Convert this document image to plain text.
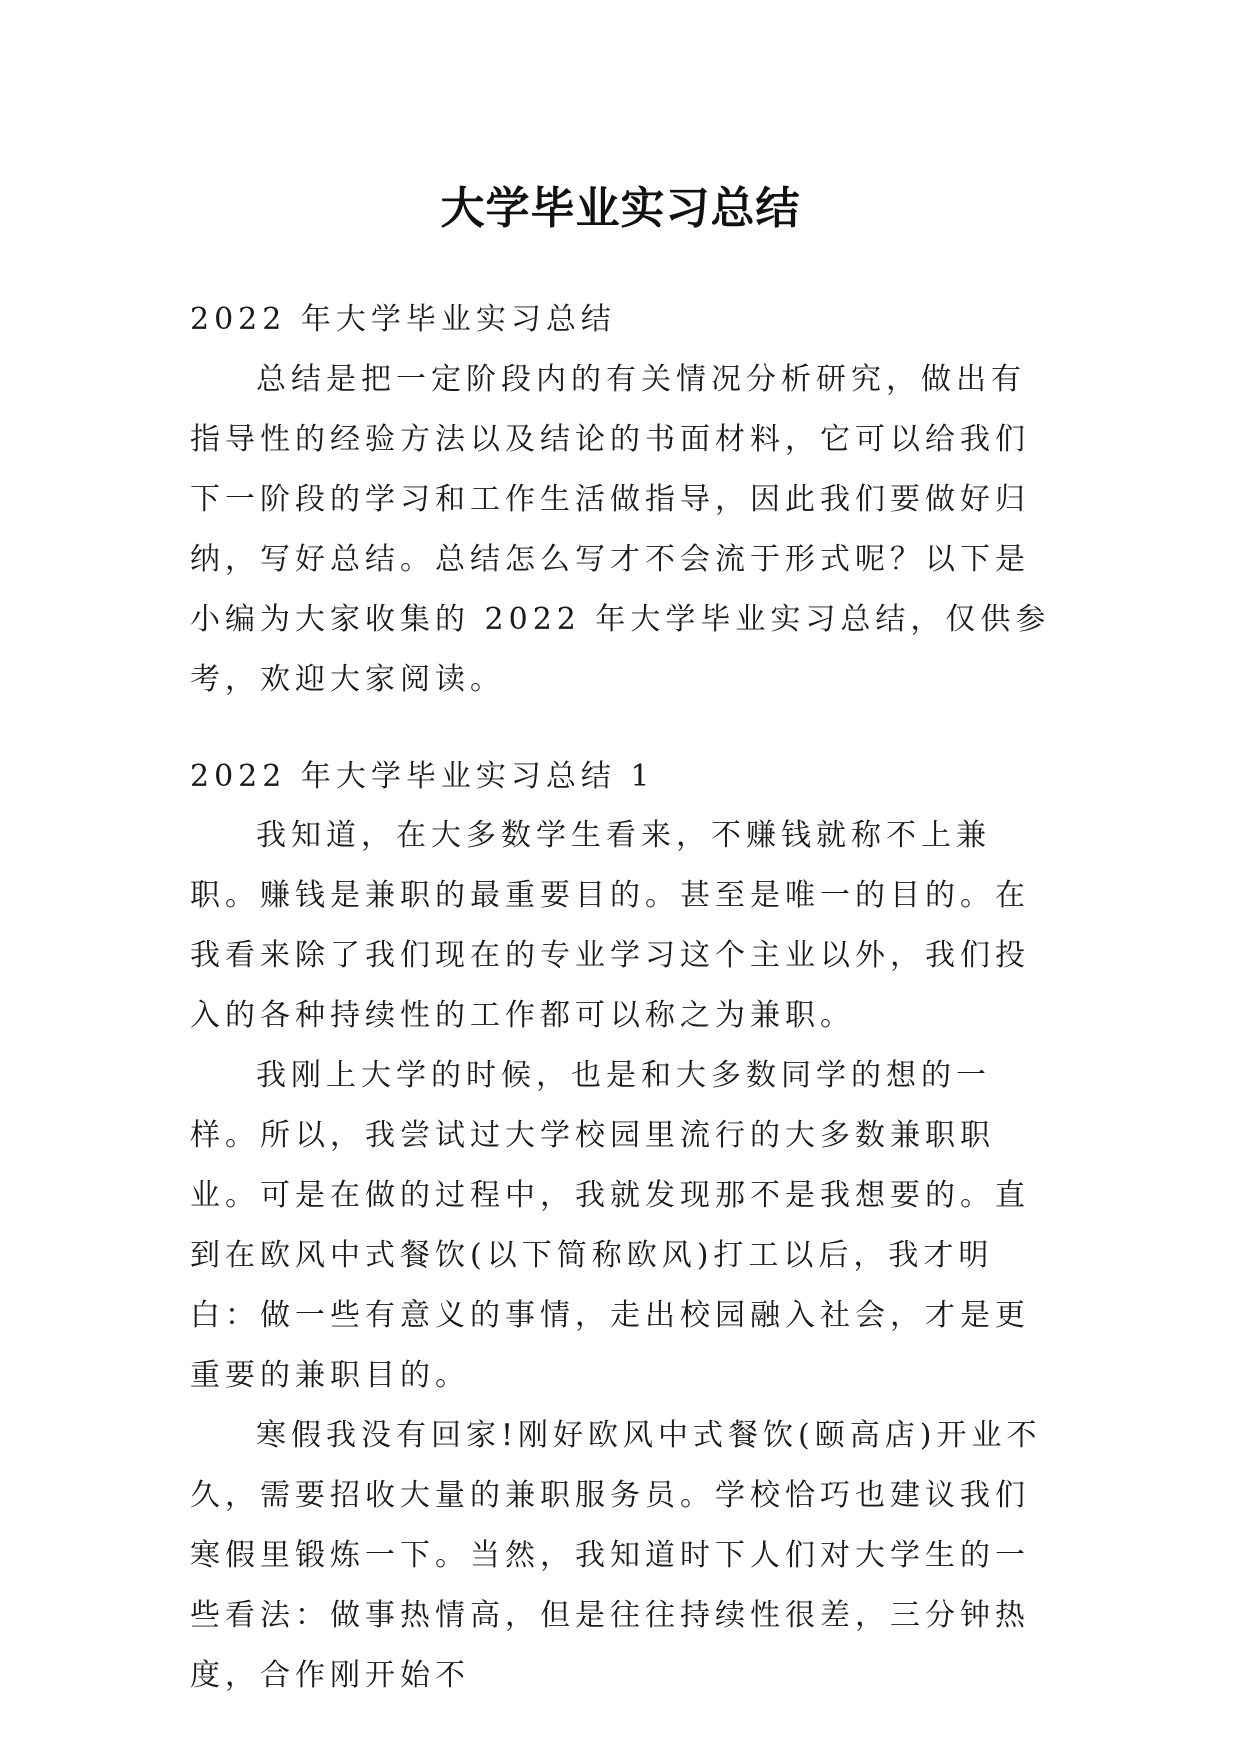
大学毕业实习总结
2022 年大学毕业实习总结

总结是把一定阶段内的有关情况分析研究，做出有指导性的经验方法以及结论的书面材料，它可以给我们下一阶段的学习和工作生活做指导，因此我们要做好归纳，写好总结。总结怎么写才不会流于形式呢？以下是小编为大家收集的 2022 年大学毕业实习总结，仅供参考，欢迎大家阅读。

2022 年大学毕业实习总结 1

我知道，在大多数学生看来，不赚钱就称不上兼职。赚钱是兼职的最重要目的。甚至是唯一的目的。在我看来除了我们现在的专业学习这个主业以外，我们投入的各种持续性的工作都可以称之为兼职。

我刚上大学的时候，也是和大多数同学的想的一样。所以，我尝试过大学校园里流行的大多数兼职职业。可是在做的过程中，我就发现那不是我想要的。直到在欧风中式餐饮(以下简称欧风)打工以后，我才明白：做一些有意义的事情，走出校园融入社会，才是更重要的兼职目的。

寒假我没有回家!刚好欧风中式餐饮(颐高店)开业不久，需要招收大量的兼职服务员。学校恰巧也建议我们寒假里锻炼一下。当然，我知道时下人们对大学生的一些看法：做事热情高，但是往往持续性很差，三分钟热度，合作刚开始不
